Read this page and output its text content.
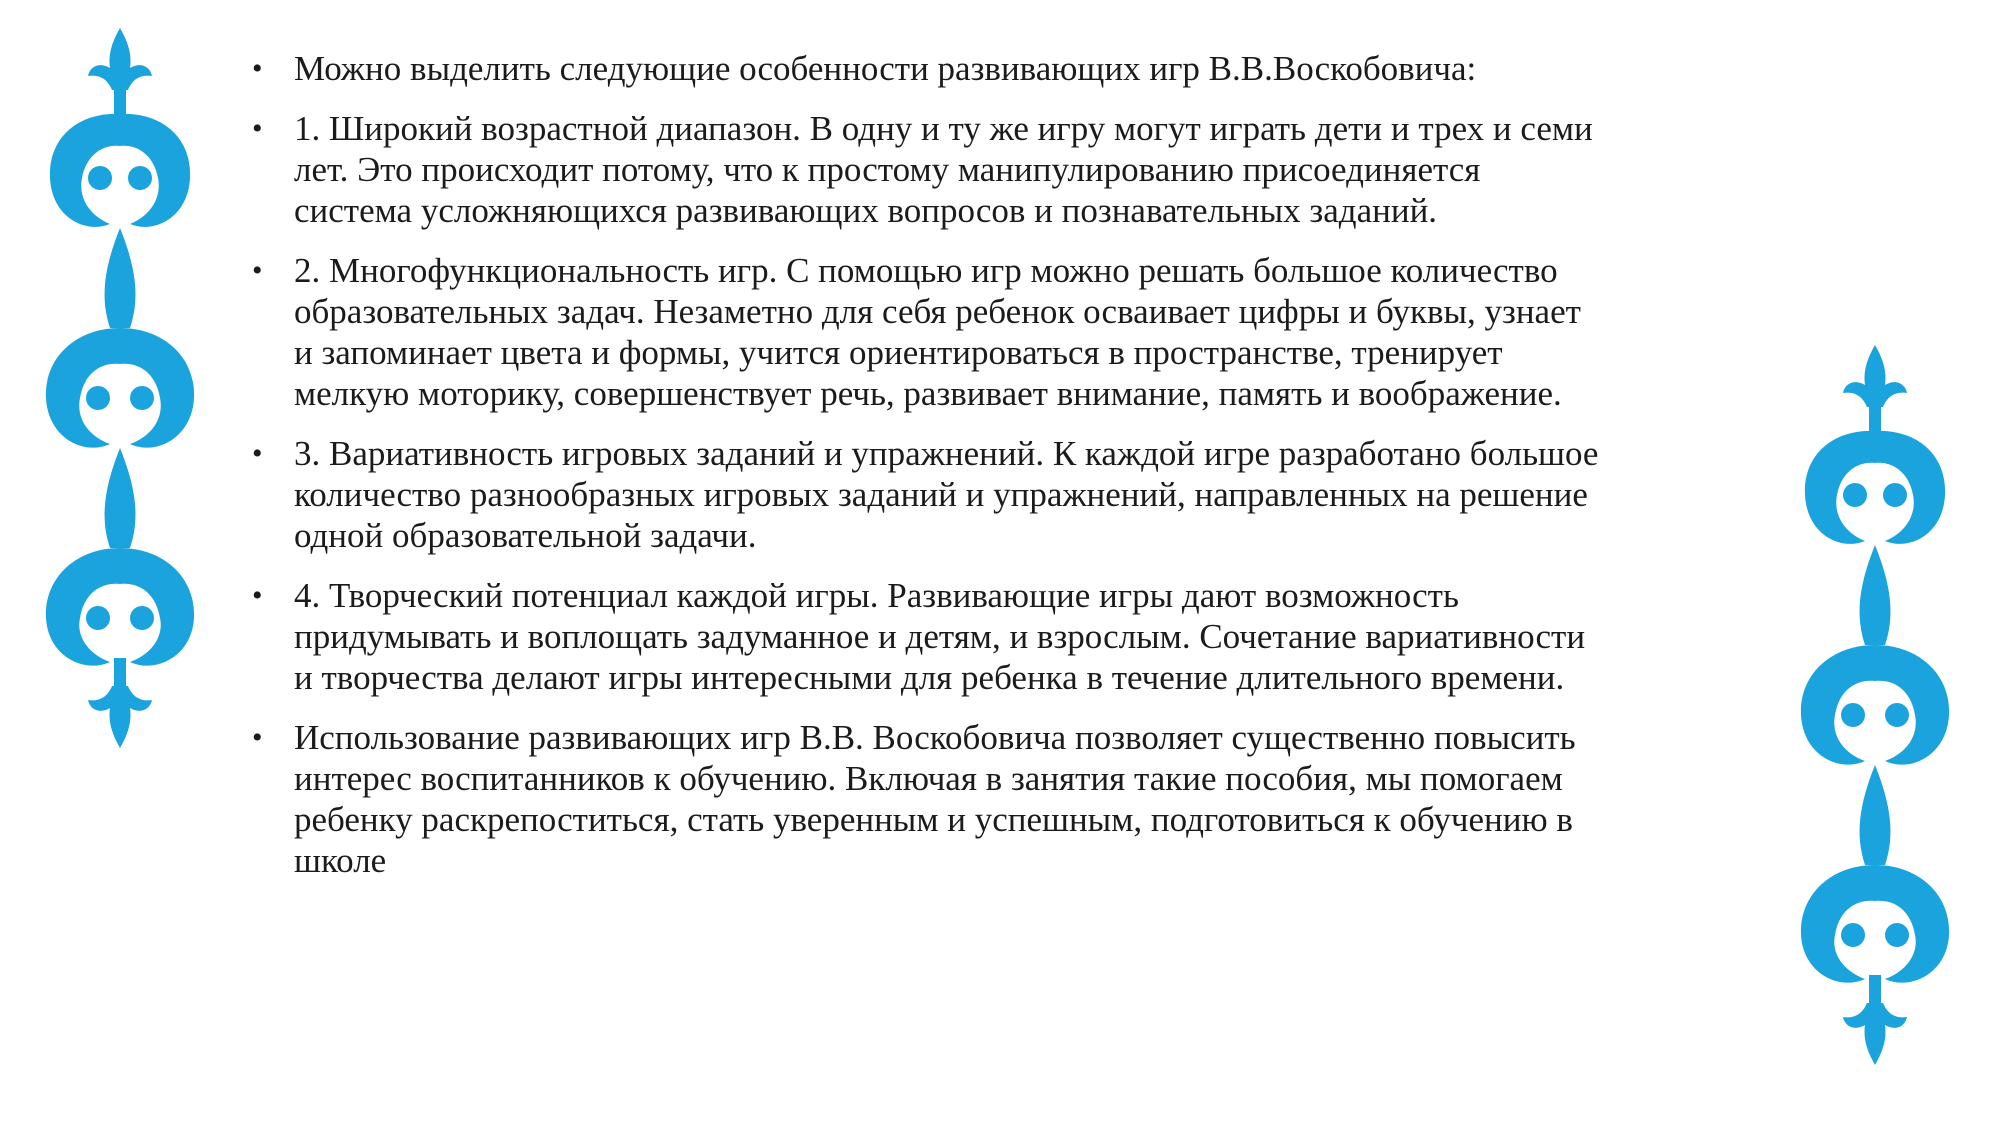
• Можно выделить следующие особенности развивающих игр В.В.Воскобовича:
• 1. Широкий возрастной диапазон. В одну и ту же игру могут играть дети и трех и семи лет. Это происходит потому, что к простому манипулированию присоединяется система усложняющихся развивающих вопросов и познавательных заданий.
• 2. Многофункциональность игр. С помощью игр можно решать большое количество образовательных задач. Незаметно для себя ребенок осваивает цифры и буквы, узнает и запоминает цвета и формы, учится ориентироваться в пространстве, тренирует мелкую моторику, совершенствует речь, развивает внимание, память и воображение.
• 3. Вариативность игровых заданий и упражнений. К каждой игре разработано большое количество разнообразных игровых заданий и упражнений, направленных на решение одной образовательной задачи.
• 4. Творческий потенциал каждой игры. Развивающие игры дают возможность придумывать и воплощать задуманное и детям, и взрослым. Сочетание вариативности и творчества делают игры интересными для ребенка в течение длительного времени.
• Использование развивающих игр В.В. Воскобовича позволяет существенно повысить интерес воспитанников к обучению. Включая в занятия такие пособия, мы помогаем ребенку раскрепоститься, стать уверенным и успешным, подготовиться к обучению в школе
